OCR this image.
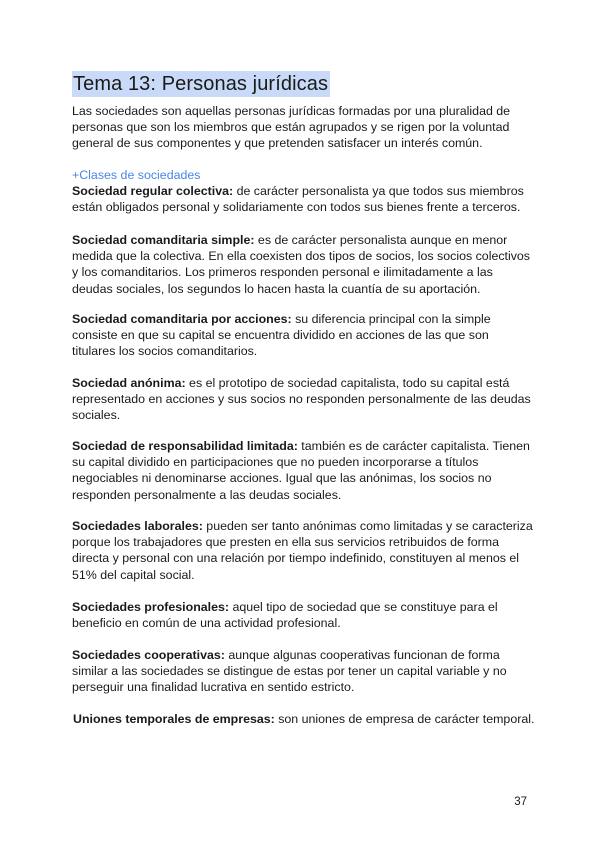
Tema 13: Personas jurídicas

Las sociedades son aquellas personas jurídicas formadas por una pluralidad de personas que son los miembros que están agrupados y se rigen por la voluntad general de sus componentes y que pretenden satisfacer un interés común.

+Clases de sociedades

Sociedad regular colectiva: de carácter personalista ya que todos sus miembros están obligados personal y solidariamente con todos sus bienes frente a terceros.

Sociedad comanditaria simple: es de carácter personalista aunque en menor medida que la colectiva. En ella coexisten dos tipos de socios, los socios colectivos y los comanditarios. Los primeros responden personal e ilimitadamente a las deudas sociales, los segundos lo hacen hasta la cuantía de su aportación.

Sociedad comanditaria por acciones: su diferencia principal con la simple consiste en que su capital se encuentra dividido en acciones de las que son titulares los socios comanditarios.

Sociedad anónima: es el prototipo de sociedad capitalista, todo su capital está representado en acciones y sus socios no responden personalmente de las deudas sociales.

Sociedad de responsabilidad limitada: también es de carácter capitalista. Tienen su capital dividido en participaciones que no pueden incorporarse a títulos negociables ni denominarse acciones. Igual que las anónimas, los socios no responden personalmente a las deudas sociales.

Sociedades laborales: pueden ser tanto anónimas como limitadas y se caracteriza porque los trabajadores que presten en ella sus servicios retribuidos de forma directa y personal con una relación por tiempo indefinido, constituyen al menos el 51% del capital social.

Sociedades profesionales: aquel tipo de sociedad que se constituye para el beneficio en común de una actividad profesional.

Sociedades cooperativas: aunque algunas cooperativas funcionan de forma similar a las sociedades se distingue de estas por tener un capital variable y no perseguir una finalidad lucrativa en sentido estricto.

Uniones temporales de empresas: son uniones de empresa de carácter temporal.

37
